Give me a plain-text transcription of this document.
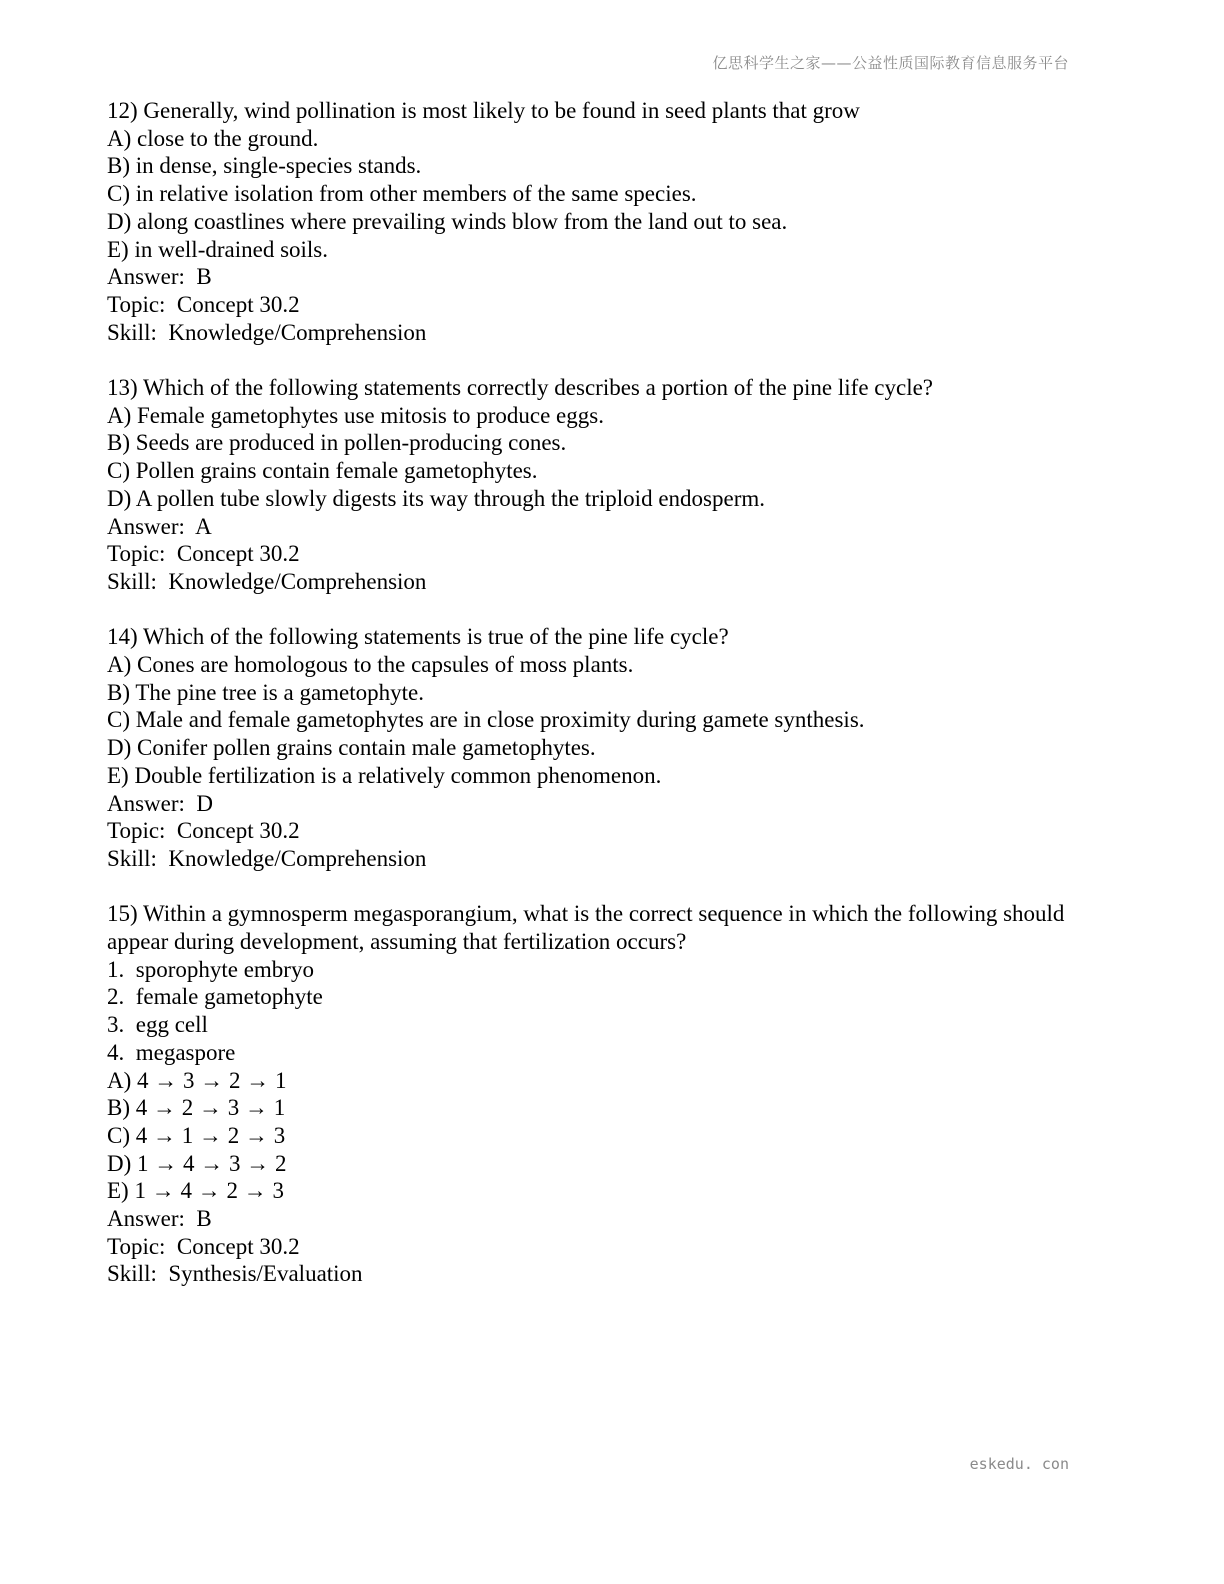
亿思科学生之家——公益性质国际教育信息服务平台
12) Generally, wind pollination is most likely to be found in seed plants that grow
A) close to the ground.
B) in dense, single-species stands.
C) in relative isolation from other members of the same species.
D) along coastlines where prevailing winds blow from the land out to sea.
E) in well-drained soils.
Answer:  B
Topic:  Concept 30.2
Skill:  Knowledge/Comprehension
13) Which of the following statements correctly describes a portion of the pine life cycle?
A) Female gametophytes use mitosis to produce eggs.
B) Seeds are produced in pollen-producing cones.
C) Pollen grains contain female gametophytes.
D) A pollen tube slowly digests its way through the triploid endosperm.
Answer:  A
Topic:  Concept 30.2
Skill:  Knowledge/Comprehension
14) Which of the following statements is true of the pine life cycle?
A) Cones are homologous to the capsules of moss plants.
B) The pine tree is a gametophyte.
C) Male and female gametophytes are in close proximity during gamete synthesis.
D) Conifer pollen grains contain male gametophytes.
E) Double fertilization is a relatively common phenomenon.
Answer:  D
Topic:  Concept 30.2
Skill:  Knowledge/Comprehension
15) Within a gymnosperm megasporangium, what is the correct sequence in which the following should appear during development, assuming that fertilization occurs?
1.  sporophyte embryo
2.  female gametophyte
3.  egg cell
4.  megaspore
A) 4 → 3 → 2 → 1
B) 4 → 2 → 3 → 1
C) 4 → 1 → 2 → 3
D) 1 → 4 → 3 → 2
E) 1 → 4 → 2 → 3
Answer:  B
Topic:  Concept 30.2
Skill:  Synthesis/Evaluation
eskedu. con
